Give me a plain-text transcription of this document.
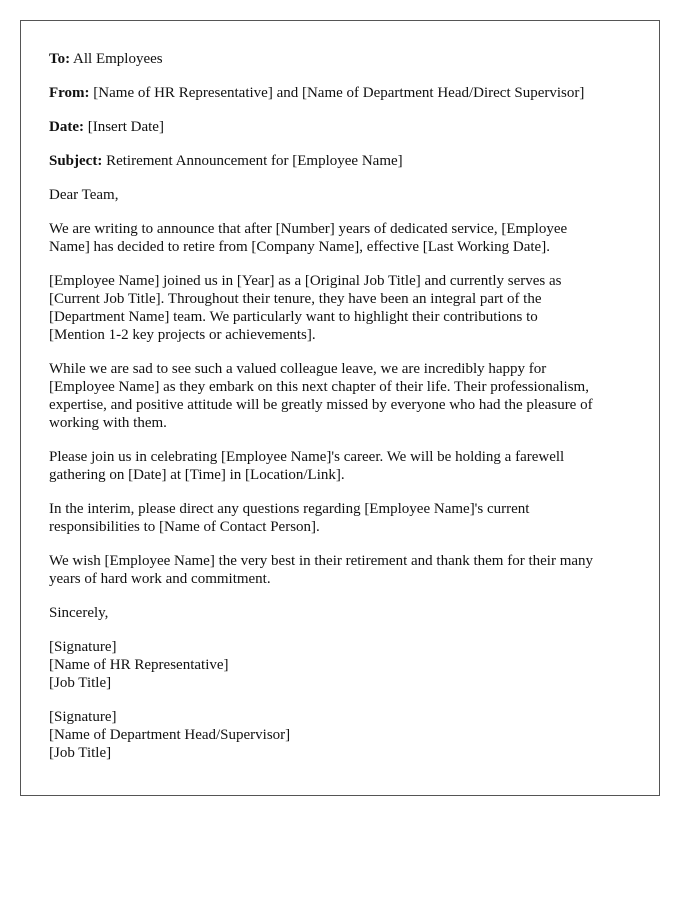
To: All Employees

From: [Name of HR Representative] and [Name of Department Head/Direct Supervisor]

Date: [Insert Date]

Subject: Retirement Announcement for [Employee Name]

Dear Team,

We are writing to announce that after [Number] years of dedicated service, [Employee

Name] has decided to retire from [Company Name], effective [Last Working Date].

[Employee Name] joined us in [Year] as a [Original Job Title] and currently serves as

[Current Job Title]. Throughout their tenure, they have been an integral part of the

[Department Name] team. We particularly want to highlight their contributions to

[Mention 1-2 key projects or achievements].

While we are sad to see such a valued colleague leave, we are incredibly happy for

[Employee Name] as they embark on this next chapter of their life. Their professionalism,

expertise, and positive attitude will be greatly missed by everyone who had the pleasure of

working with them.

Please join us in celebrating [Employee Name]'s career. We will be holding a farewell

gathering on [Date] at [Time] in [Location/Link].

In the interim, please direct any questions regarding [Employee Name]'s current

responsibilities to [Name of Contact Person].

We wish [Employee Name] the very best in their retirement and thank them for their many

years of hard work and commitment.

Sincerely,

[Signature]

[Name of HR Representative]

[Job Title]

[Signature]

[Name of Department Head/Supervisor]

[Job Title]
